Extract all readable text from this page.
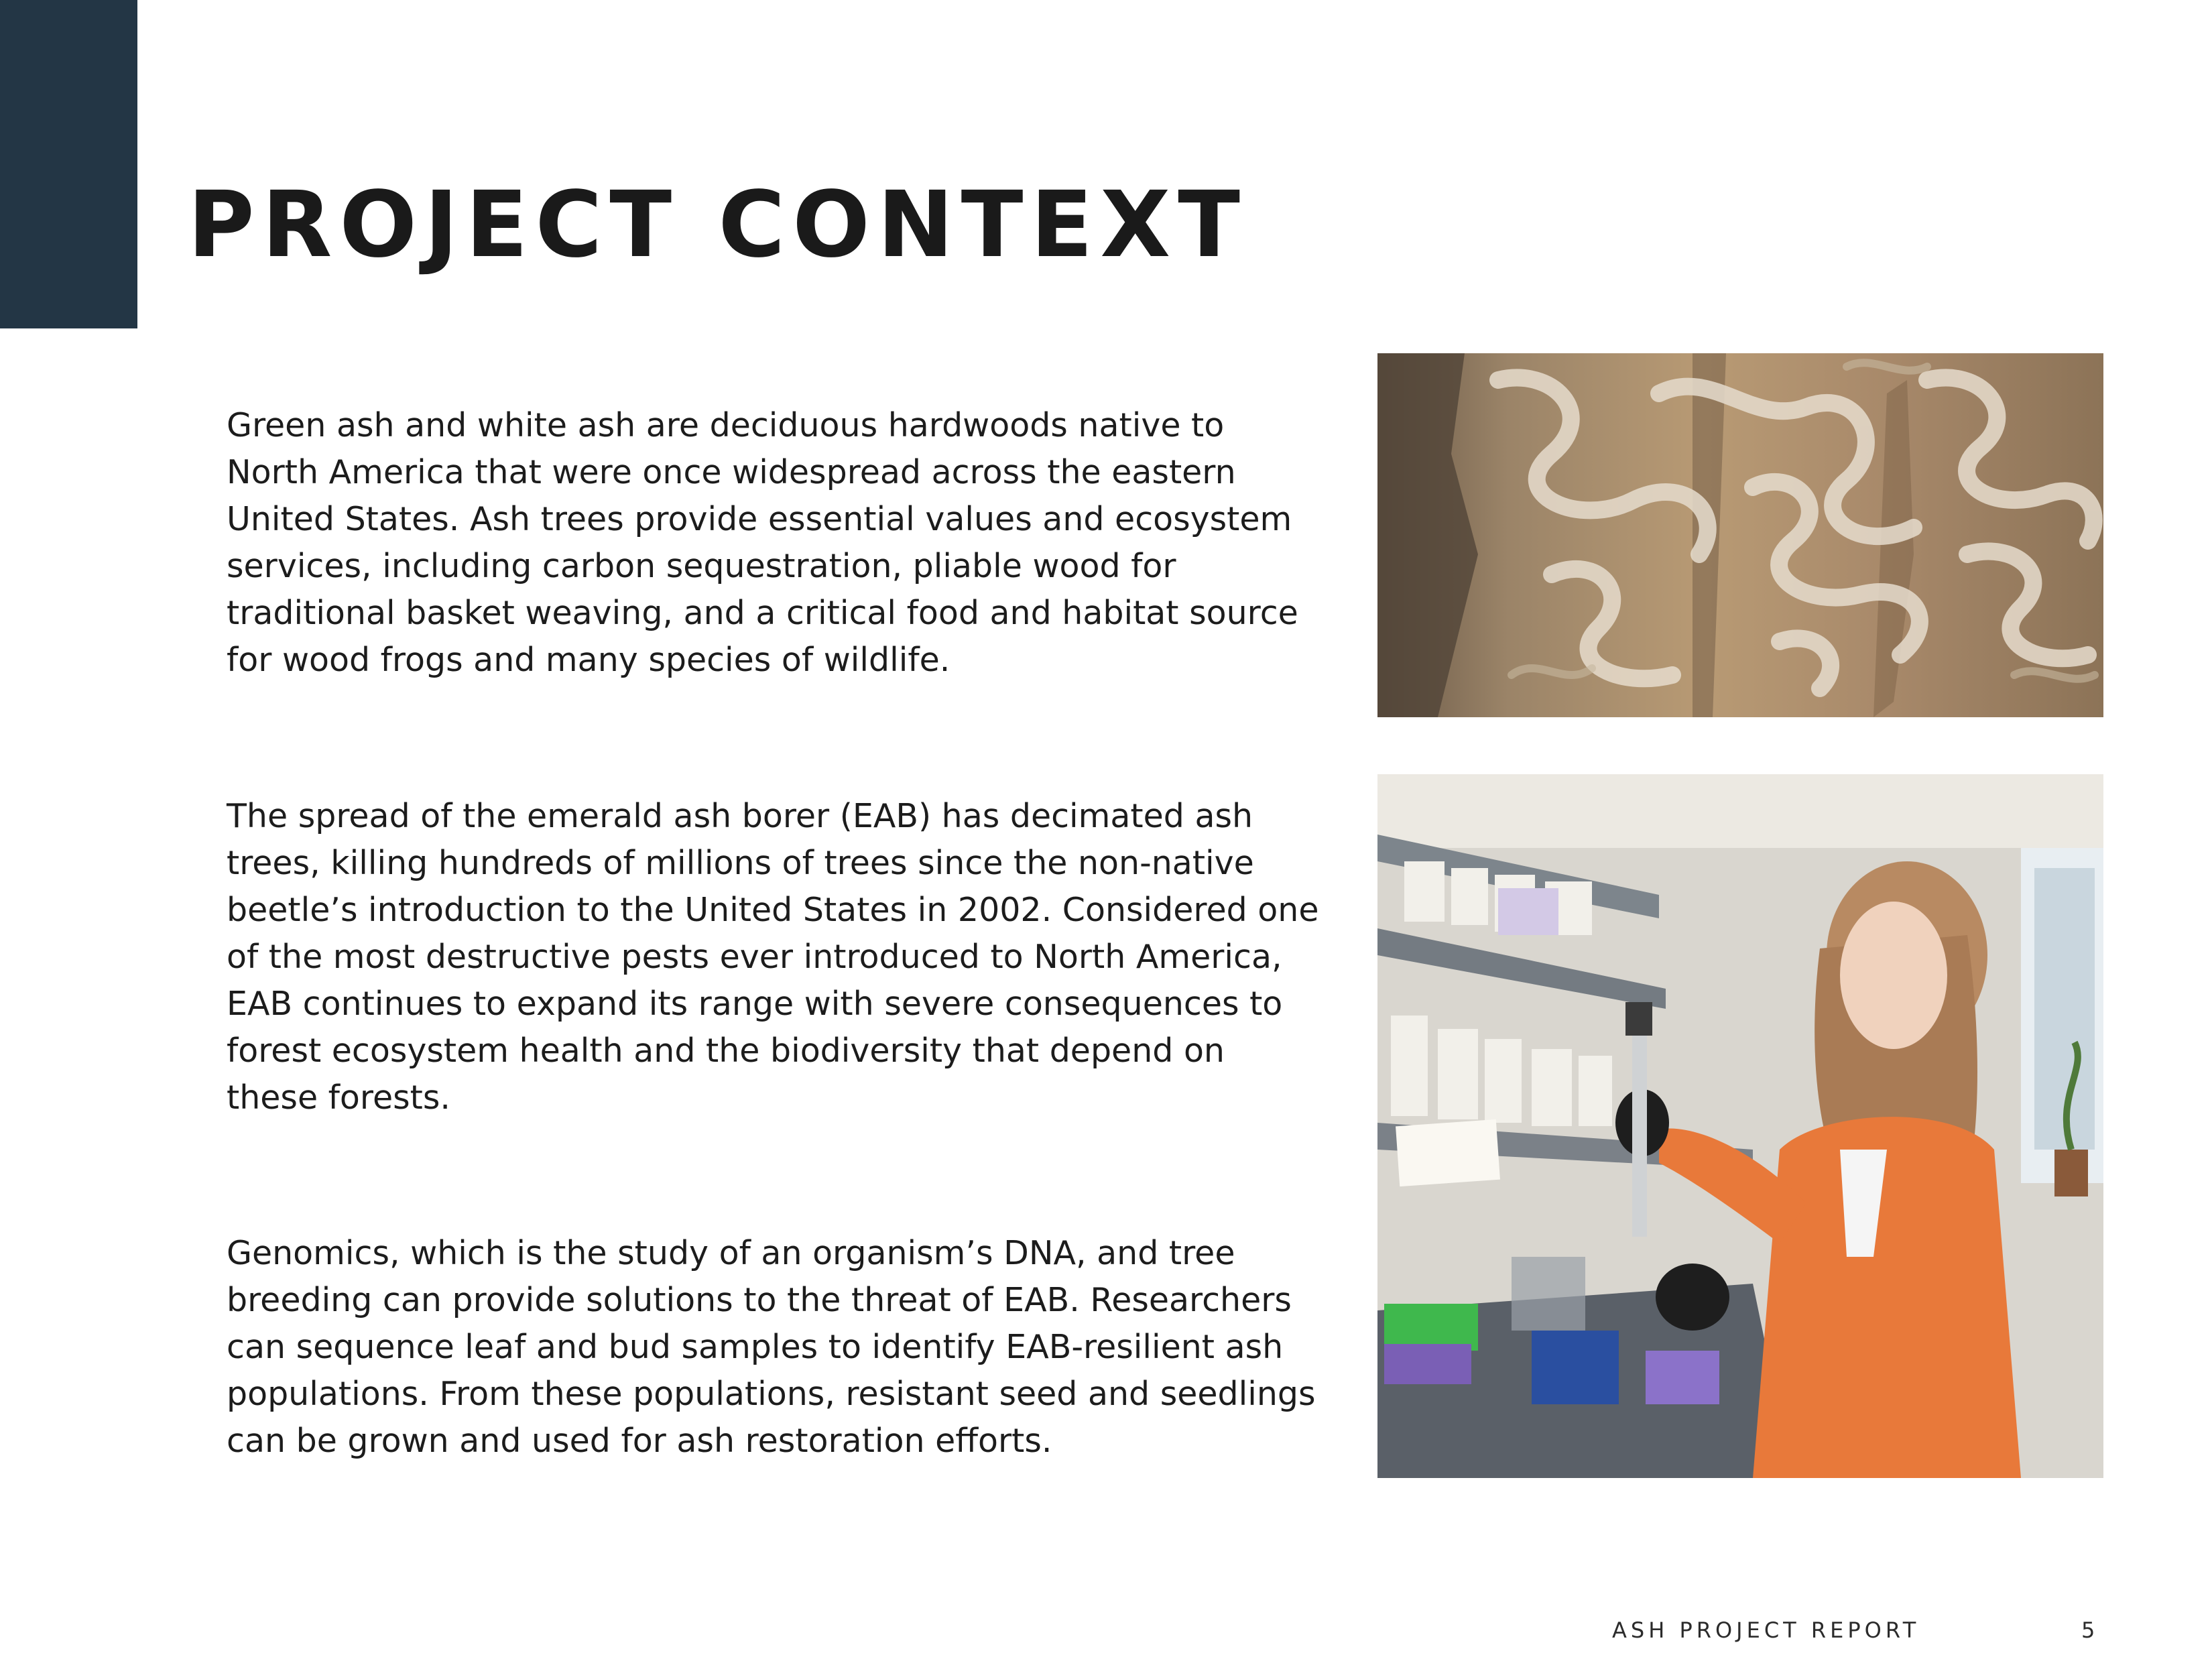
PROJECT CONTEXT

Green ash and white ash are deciduous hardwoods native to North America that were once widespread across the eastern United States. Ash trees provide essential values and ecosystem services, including carbon sequestration, pliable wood for traditional basket weaving, and a critical food and habitat source for wood frogs and many species of wildlife.

The spread of the emerald ash borer (EAB) has decimated ash trees, killing hundreds of millions of trees since the non-native beetle’s introduction to the United States in 2002. Considered one of the most destructive pests ever introduced to North America, EAB continues to expand its range with severe consequences to forest ecosystem health and the biodiversity that depend on these forests.

Genomics, which is the study of an organism’s DNA, and tree breeding can provide solutions to the threat of EAB. Researchers can sequence leaf and bud samples to identify EAB-resilient ash populations. From these populations, resistant seed and seedlings can be grown and used for ash restoration efforts.

ASH PROJECT REPORT	5
